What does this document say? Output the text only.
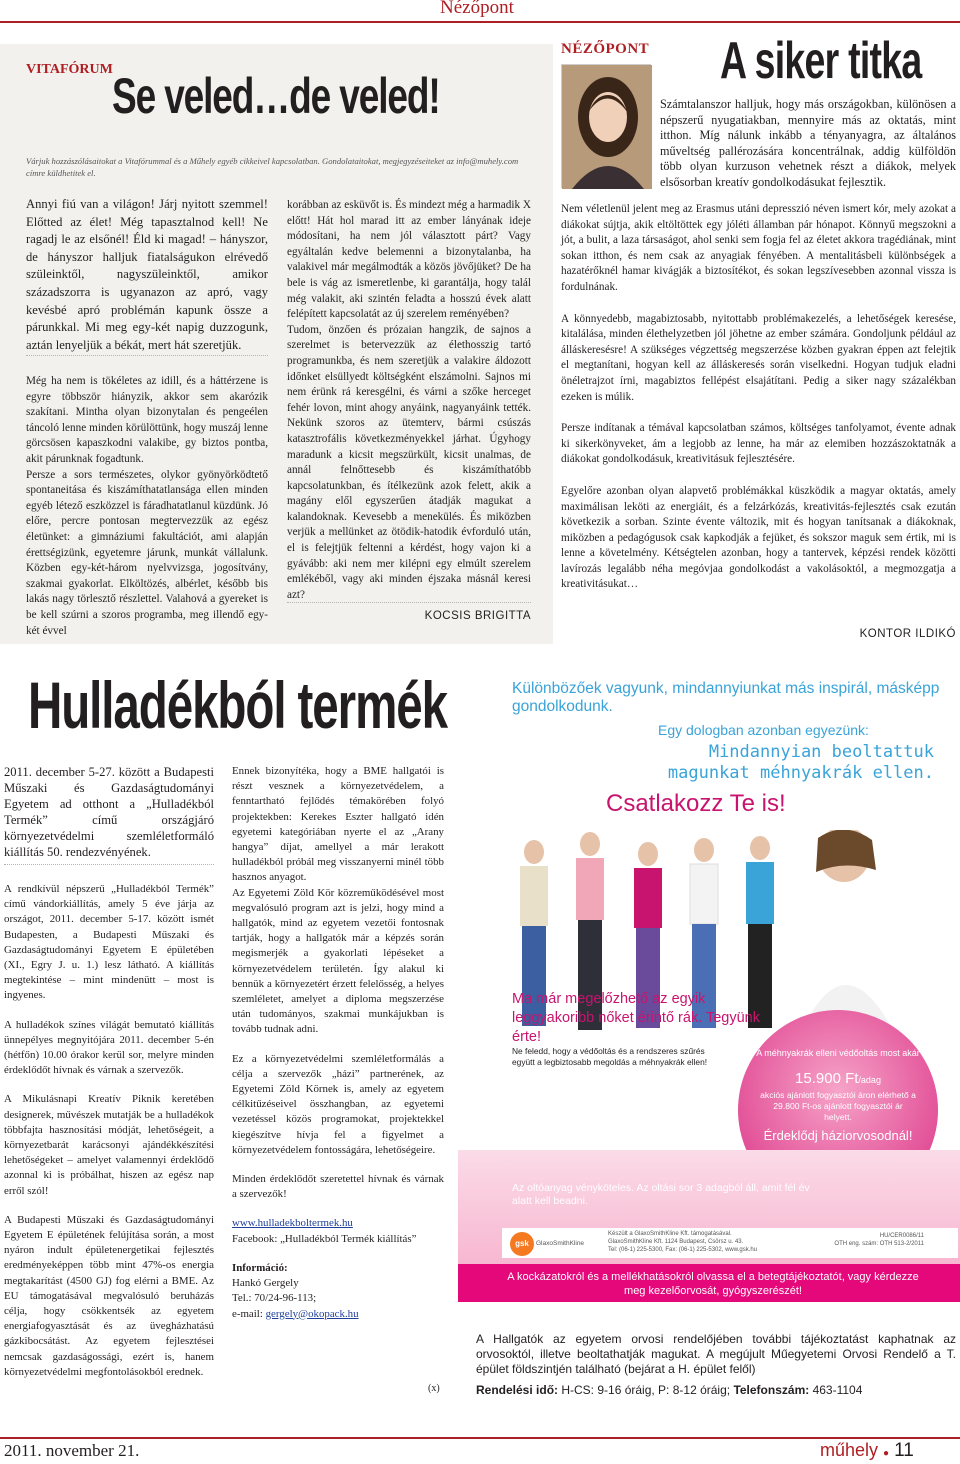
Nézőpont
VITAFÓRUM Se veled…de veled!
Várjuk hozzászólásaitokat a Vitafórummal és a Műhely egyéb cikkeivel kapcsolatban. Gondolataitokat, megjegyzéseiteket az info@muhely.com címre küldhetitek el.
Annyi fiú van a világon! Járj nyitott szemmel! Előtted az élet! Még tapasztalnod kell! Ne ragadj le az elsőnél! Éld ki magad! – hányszor, de hányszor halljuk fiatalságukon elrévedő szüleinktől, nagyszüleinktől, amikor századszorra is ugyanazon az apró, vagy kevésbé apró problémán kapunk össze a párunkkal. Mi meg egy-két napig duzzogunk, aztán lenyeljük a békát, mert hát szeretjük.

Még ha nem is tökéletes az idill, és a háttérzene is egyre többször hiányzik, akkor sem akarózik szakítani. Mintha olyan bizonytalan és pengeélen táncoló lenne minden körülöttünk, hogy muszáj lenne görcsösen kapaszkodni valakibe, gy biztos pontba, akit párunknak fogadtunk.

Persze a sors természetes, olykor gyönyörködtető spontaneitása és kiszámíthatatlansága ellen minden egyéb létező eszközzel is fáradhatatlanul küzdünk. Jó előre, percre pontosan megtervezzük az egész életünket: a gimnáziumi fakultációt, ami alapján érettségizünk, egyetemre járunk, munkát vállalunk. Közben egy-két-három nyelvvizsga, jogosítvány, szakmai gyakorlat. Elköltözés, albérlet, később bis lakás nagy törlesztő részlettel. Valahová a gyereket is be kell szúrni a szoros programba, meg illendő egy-két évvel

korábban az esküvőt is. És mindezt még a harmadik X előtt! Hát hol marad itt az ember lányának ideje módosítani, ha nem jól választott párt? Vagy egyáltalán kedve belemenni a bizonytalanba, ha valakivel már megálmodták a közös jövőjüket? De ha bele is vág az ismeretlenbe, ki garantálja, hogy talál még valakit, aki szintén feladta a hosszú évek alatt felépített kapcsolatát az új szerelem reményében?
Tudom, önzően és prózaian hangzik, de sajnos a szerelmet is betervezzük az élethosszig tartó programunkba, és nem szeretjük a valakire áldozott időnket elsüllyedt költségként elszámolni. Sajnos mi nem érünk rá keresgélni, és várni a szőke herceget fehér lovon, mint ahogy anyáink, nagyanyáink tették. Nekünk szoros az ütemterv, bármi csúszás katasztrofális következményekkel járhat. Úgyhogy maradunk a kicsit megszürkült, kicsit unalmas, de annál felnőttesebb és kiszámíthatóbb kapcsolatunkban, és ítélkezünk azok felett, akik a magány elől egyszerűen átadják magukat a kalandoknak. Kevesebb a menekülés. És miközben verjük a mellünket az ötödik-hatodik évforduló után, el is felejtjük feltenni a kérdést, hogy vajon ki a gyávább: aki nem mer kilépni egy elmúlt szerelem emlékéből, vagy aki minden éjszaka másnál keresi azt?
KOCSIS BRIGITTA
NÉZŐPONT A siker titka
Számtalanszor halljuk, hogy más országokban, különösen a népszerű nyugatiakban, mennyire más az oktatás, mint itthon. Míg nálunk inkább a tényanyagra, az általános műveltség pallérozására koncentrálnak, addig külföldön több olyan kurzuson vehetnek részt a diákok, melyek elsősorban kreatív gondolkodásukat fejlesztik.

Nem véletlenül jelent meg az Erasmus utáni depresszió néven ismert kór, mely azokat a diákokat sújtja, akik eltöltöttek egy jóléti államban pár hónapot. Könnyű megszokni a jót, a bulit, a laza társaságot, ahol senki sem fogja fel az életet akkora tragédiának, mint sokan itthon, és nem csak az anyagiak fényében. A mentalitásbeli különbségek a hazatérőknél hamar kivágják a biztosítékot, és sokan legszívesebben azonnal vissza is fordulnának.

A könnyedebb, magabiztosabb, nyitottabb problémakezelés, a lehetőségek keresése, kitalálása, minden élethelyzetben jól jöhetne az ember számára. Gondoljunk például az álláskeresésre! A szükséges végzettség megszerzése közben gyakran éppen azt felejtik el megtanítani, hogyan kell az álláskeresés során viselkedni. Hogyan tudjuk eladni önéletrajzot írni, magabiztos fellépést elsajátítani. Pedig a siker nagy százalékban ezeken is múlik.

Persze indítanak a témával kapcsolatban számos, költséges tanfolyamot, évente adnak ki sikerkönyveket, ám a legjobb az lenne, ha már az elemiben hozzászoktatnák a diákokat gondolkodásuk, kreativitásuk fejlesztésére.

Egyelőre azonban olyan alapvető problémákkal küszködik a magyar oktatás, amely maximálisan leköti az energiáit, és a felzárkózás, kreativitás-fejlesztés csak ezután következik a sorban. Szinte évente változik, mit és hogyan tanítsanak a diákoknak, miközben a pedagógusok csak kapkodják a fejüket, és sokszor maguk sem értik, mi is lenne a követelmény. Kétségtelen azonban, hogy a tantervek, képzési rendek közötti lavírozás legalább néha megóvjaa gondolkodást a vakolásoktól, a megmozgatja a kreativitásukat…

KONTOR ILDIKÓ
Hulladékból termék
2011. december 5-27. között a Budapesti Műszaki és Gazdaságtudományi Egyetem ad otthont a „Hulladékból Termék” című országjáró környezetvédelmi szemléletformáló kiállítás 50. rendezvényének.

A rendkívül népszerű „Hulladékból Termék” című vándorkiállítás, amely 5 éve járja az országot, 2011. december 5-17. között ismét Budapesten, a Budapesti Műszaki és Gazdaságtudományi Egyetem E épületében (XI., Egry J. u. 1.) lesz látható. A kiállítás megtekintése – mint mindenütt – most is ingyenes.

A hulladékok színes világát bemutató kiállítás ünnepélyes megnyitójára 2011. december 5-én (hétfőn) 10.00 órakor kerül sor, melyre minden érdeklődőt hívnak és várnak a szervezők.

A Mikulásnapi Kreatív Piknik keretében designerek, művészek mutatják be a hulladékok többfajta hasznosítási módját, lehetőségeit, a környezetbarát karácsonyi ajándékkészítési lehetőségeket – amelyet valamennyi érdeklődő azonnal ki is próbálhat, hiszen az egész nap erről szól!

A Budapesti Műszaki és Gazdaságtudományi Egyetem E épületének felújítása során, a most nyáron indult épületenergetikai fejlesztés eredményeképpen több mint 47%-os energia megtakarítást (4500 GJ) fog elérni a BME. Az EU támogatásával megvalósuló beruházás célja, hogy csökkentsék az egyetem energiafogyasztását és az üvegházhatású gázkibocsátást. Az egyetem fejlesztései nemcsak gazdaságossági, ezért is, hanem környezetvédelmi megfontolásokból erednek.

Ennek bizonyítéka, hogy a BME hallgatói is részt vesznek a környezetvédelem, a fenntartható fejlődés témakörében folyó projektekben: Kerekes Eszter hallgató idén egyetemi kategóriában nyerte el az „Arany hangya” díjat, amellyel a már lerakott hulladékból próbál meg visszanyerni minél több hasznos anyagot.

Az Egyetemi Zöld Kör közreműködésével most megvalósuló program azt is jelzi, hogy mind a hallgatók, mind az egyetem vezetői fontosnak tartják, hogy a hallgatók már a képzés során megismerjék a gyakorlati lépéseket a környezetvédelem területén. Így alakul ki bennük a környezetért érzett felelősség, a helyes szemléletet, amelyet a diploma megszerzése után tudományos, szakmai munkájukban is tovább tudnak adni.

Ez a környezetvédelmi szemléletformálás a célja a szervezők „házi” partnerének, az Egyetemi Zöld Körnek is, amely az egyetem célkitűzéseivel összhangban, az egyetemi vezetéssel közös programokat, projektekkel kiegészítve hívja fel a figyelmet a környezetvédelem fontosságára, lehetőségeire.

Minden érdeklődőt szeretettel hívnak és várnak a szervezők!

www.hulladekboltermek.hu

Facebook: „Hulladékból Termék kiállítás”

Információ:

Hankó Gergely

Tel.: 70/24-96-113;

e-mail: gergely@okopack.hu

(x)
Különbözőek vagyunk, mindannyiunkat más inspirál, másképp gondolkodunk.
Egy dologban azonban egyezünk:
Mindannyian beoltattuk magunkat méhnyakrák ellen.
Csatlakozz Te is!
Ma már megelőzhető az egyik leggyakoribb nőket érintő rák. Tegyünk érte!
Ne feledd, hogy a védőoltás és a rendszeres szűrés együtt a legbiztosabb megoldás a méhnyakrák ellen!
A méhnyakrák elleni védőoltás most akár
15.900 Ft/adag
akciós ajánlott fogyasztói áron elérhető a 29.800 Ft-os ajánlott fogyasztói ár helyett.
Érdeklődj háziorvosodnál!
Az oltóanyag vényköteles. Az oltási sor 3 adagból áll, amit fél év alatt kell beadni.
gsk	GlaxoSmithKline
Készült a GlaxoSmithKline Kft. támogatásával.
GlaxoSmithKline Kft. 1124 Budapest, Csörsz u. 43.
Tel: (06-1) 225-5300, Fax: (06-1) 225-5302, www.gsk.hu
HU/CER0086/11
OTH eng. szám: OTH 513-2/2011
A kockázatokról és a mellékhatásokról olvassa el a betegtájékoztatót, vagy kérdezze meg kezelőorvosát, gyógyszerészét!
A Hallgatók az egyetem orvosi rendelőjében további tájékoztatást kaphatnak az orvosoktól, illetve beoltathatják magukat. A megújult Műegyetemi Orvosi Rendelő a T. épület földszintjén található (bejárat a H. épület felől)
Rendelési idő: H-CS: 9-16 óráig, P: 8-12 óráig; Telefonszám: 463-1104
2011. november 21.	műhely ● 11
